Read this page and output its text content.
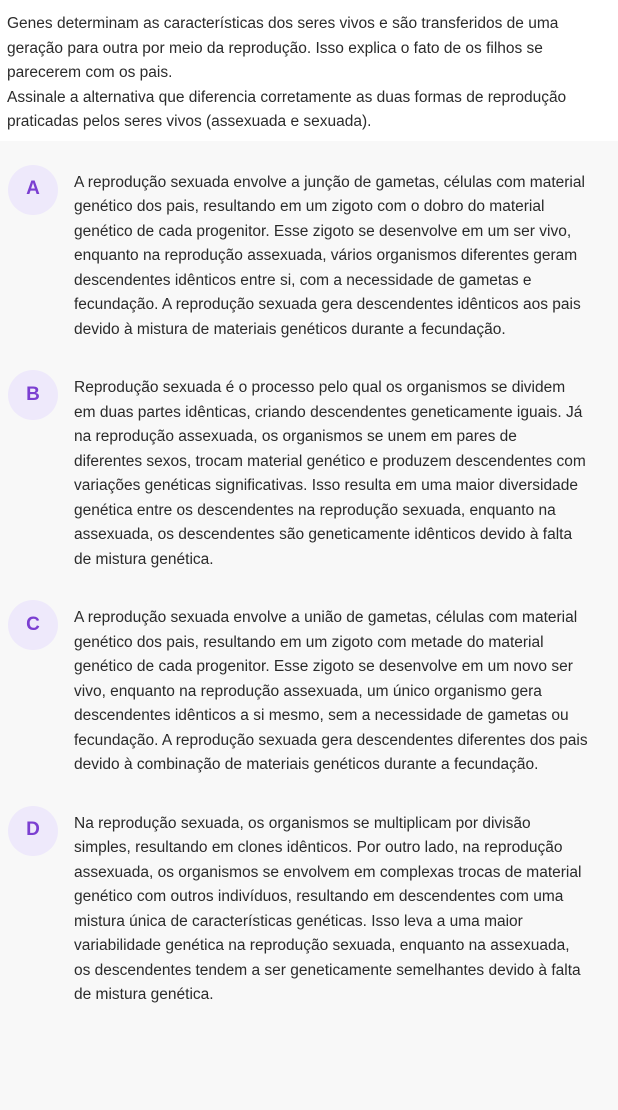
Genes determinam as características dos seres vivos e são transferidos de uma geração para outra por meio da reprodução. Isso explica o fato de os filhos se parecerem com os pais.

Assinale a alternativa que diferencia corretamente as duas formas de reprodução praticadas pelos seres vivos (assexuada e sexuada).

A	A reprodução sexuada envolve a junção de gametas, células com material genético dos pais, resultando em um zigoto com o dobro do material genético de cada progenitor. Esse zigoto se desenvolve em um ser vivo, enquanto na reprodução assexuada, vários organismos diferentes geram descendentes idênticos entre si, com a necessidade de gametas e fecundação. A reprodução sexuada gera descendentes idênticos aos pais devido à mistura de materiais genéticos durante a fecundação.
B	Reprodução sexuada é o processo pelo qual os organismos se dividem em duas partes idênticas, criando descendentes geneticamente iguais. Já na reprodução assexuada, os organismos se unem em pares de diferentes sexos, trocam material genético e produzem descendentes com variações genéticas significativas. Isso resulta em uma maior diversidade genética entre os descendentes na reprodução sexuada, enquanto na assexuada, os descendentes são geneticamente idênticos devido à falta de mistura genética.
C	A reprodução sexuada envolve a união de gametas, células com material genético dos pais, resultando em um zigoto com metade do material genético de cada progenitor. Esse zigoto se desenvolve em um novo ser vivo, enquanto na reprodução assexuada, um único organismo gera descendentes idênticos a si mesmo, sem a necessidade de gametas ou fecundação. A reprodução sexuada gera descendentes diferentes dos pais devido à combinação de materiais genéticos durante a fecundação.
D	Na reprodução sexuada, os organismos se multiplicam por divisão simples, resultando em clones idênticos. Por outro lado, na reprodução assexuada, os organismos se envolvem em complexas trocas de material genético com outros indivíduos, resultando em descendentes com uma mistura única de características genéticas. Isso leva a uma maior variabilidade genética na reprodução sexuada, enquanto na assexuada, os descendentes tendem a ser geneticamente semelhantes devido à falta de mistura genética.
